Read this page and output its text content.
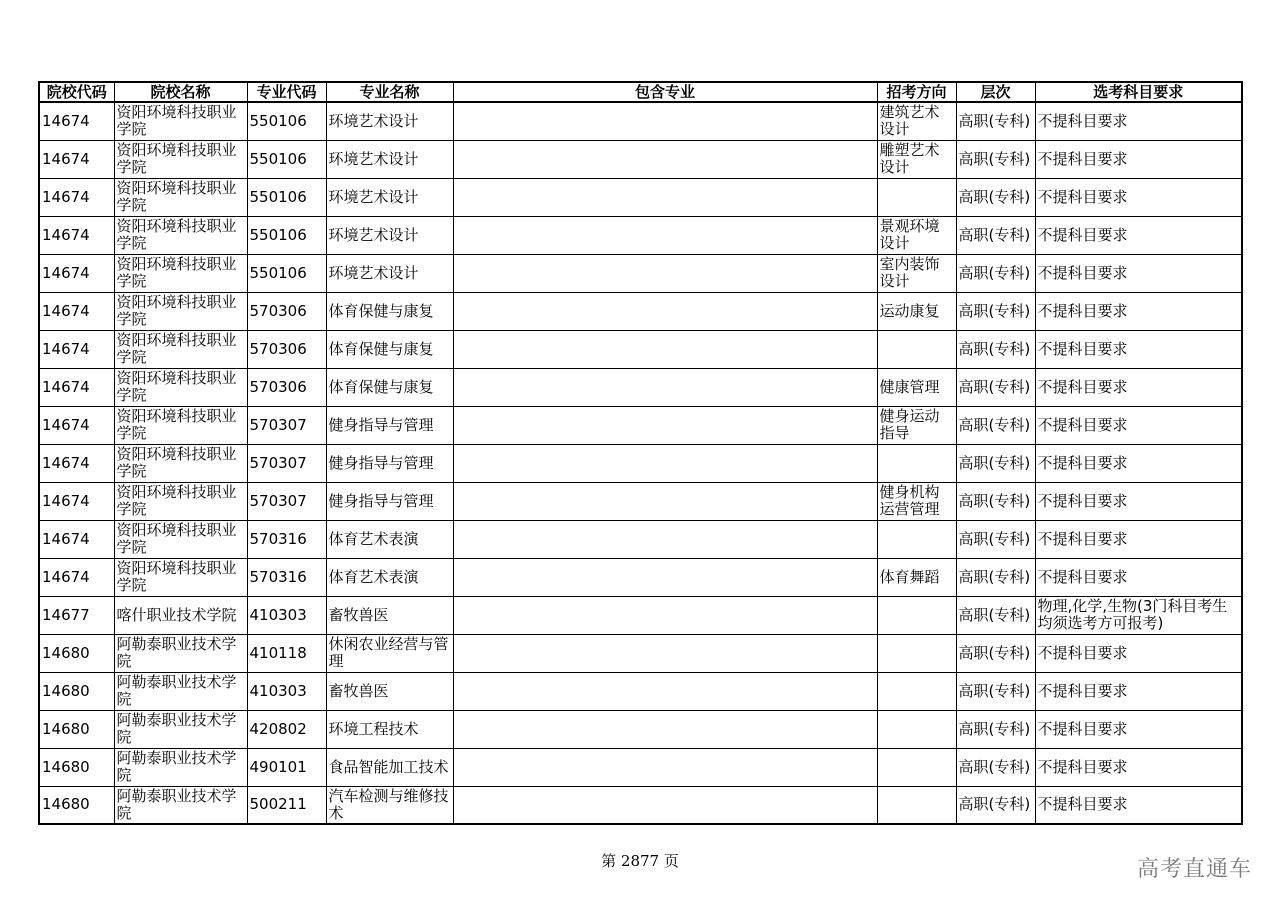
院校代码	院校名称	专业代码	专业名称	包含专业	招考方向	层次	选考科目要求
14674	资阳环境科技职业学院	550106	环境艺术设计		建筑艺术设计	高职(专科)	不提科目要求
14674	资阳环境科技职业学院	550106	环境艺术设计		雕塑艺术设计	高职(专科)	不提科目要求
14674	资阳环境科技职业学院	550106	环境艺术设计			高职(专科)	不提科目要求
14674	资阳环境科技职业学院	550106	环境艺术设计		景观环境设计	高职(专科)	不提科目要求
14674	资阳环境科技职业学院	550106	环境艺术设计		室内装饰设计	高职(专科)	不提科目要求
14674	资阳环境科技职业学院	570306	体育保健与康复		运动康复	高职(专科)	不提科目要求
14674	资阳环境科技职业学院	570306	体育保健与康复			高职(专科)	不提科目要求
14674	资阳环境科技职业学院	570306	体育保健与康复		健康管理	高职(专科)	不提科目要求
14674	资阳环境科技职业学院	570307	健身指导与管理		健身运动指导	高职(专科)	不提科目要求
14674	资阳环境科技职业学院	570307	健身指导与管理			高职(专科)	不提科目要求
14674	资阳环境科技职业学院	570307	健身指导与管理		健身机构运营管理	高职(专科)	不提科目要求
14674	资阳环境科技职业学院	570316	体育艺术表演			高职(专科)	不提科目要求
14674	资阳环境科技职业学院	570316	体育艺术表演		体育舞蹈	高职(专科)	不提科目要求
14677	喀什职业技术学院	410303	畜牧兽医			高职(专科)	物理,化学,生物(3门科目考生均须选考方可报考)
14680	阿勒泰职业技术学院	410118	休闲农业经营与管理			高职(专科)	不提科目要求
14680	阿勒泰职业技术学院	410303	畜牧兽医			高职(专科)	不提科目要求
14680	阿勒泰职业技术学院	420802	环境工程技术			高职(专科)	不提科目要求
14680	阿勒泰职业技术学院	490101	食品智能加工技术			高职(专科)	不提科目要求
14680	阿勒泰职业技术学院	500211	汽车检测与维修技术			高职(专科)	不提科目要求
第 2877 页	高考直通车
